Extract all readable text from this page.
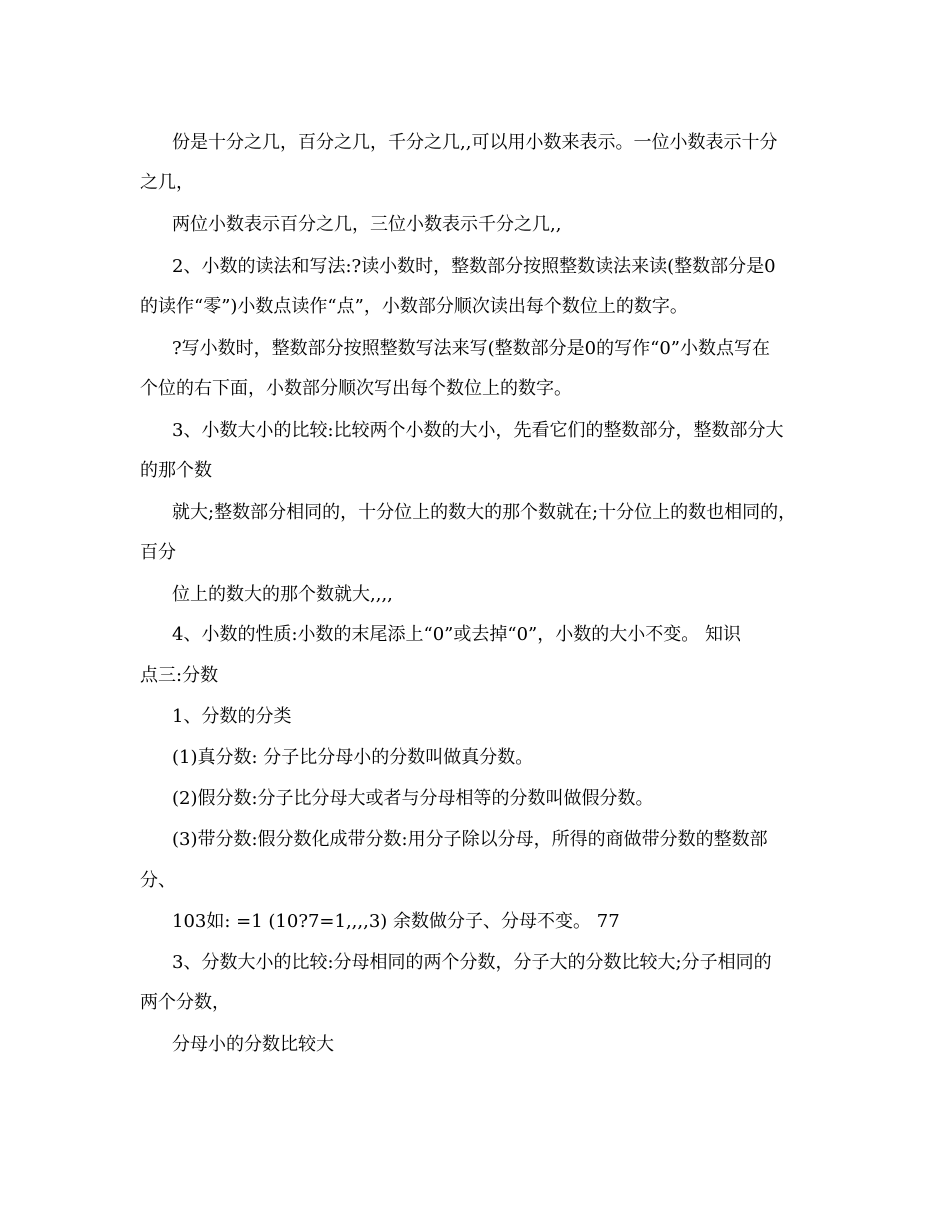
份是十分之几，百分之几，千分之几,,可以用小数来表示。一位小数表示十分
之几，
两位小数表示百分之几，三位小数表示千分之几,,
2、小数的读法和写法:?读小数时，整数部分按照整数读法来读(整数部分是0
的读作“零”)小数点读作“点”，小数部分顺次读出每个数位上的数字。
?写小数时，整数部分按照整数写法来写(整数部分是0的写作“0”小数点写在
个位的右下面，小数部分顺次写出每个数位上的数字。
3、小数大小的比较:比较两个小数的大小，先看它们的整数部分，整数部分大
的那个数
就大;整数部分相同的，十分位上的数大的那个数就在;十分位上的数也相同的，
百分
位上的数大的那个数就大,,,,
4、小数的性质:小数的末尾添上“0”或去掉“0”，小数的大小不变。 知识
点三:分数
1、分数的分类
(1)真分数: 分子比分母小的分数叫做真分数。
(2)假分数:分子比分母大或者与分母相等的分数叫做假分数。
(3)带分数:假分数化成带分数:用分子除以分母，所得的商做带分数的整数部
分、
103如: =1 (10?7=1,,,,3) 余数做分子、分母不变。 77
3、分数大小的比较:分母相同的两个分数，分子大的分数比较大;分子相同的
两个分数，
分母小的分数比较大
